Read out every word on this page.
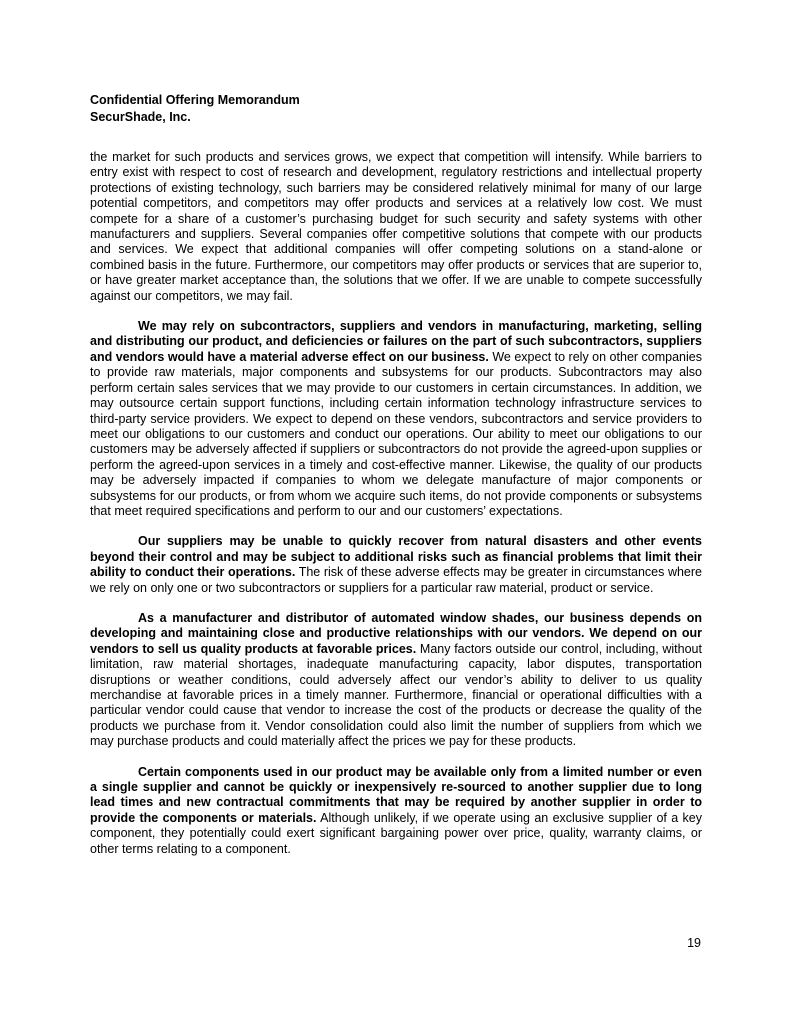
Confidential Offering Memorandum
SecurShade, Inc.

the market for such products and services grows, we expect that competition will intensify. While barriers to entry exist with respect to cost of research and development, regulatory restrictions and intellectual property protections of existing technology, such barriers may be considered relatively minimal for many of our large potential competitors, and competitors may offer products and services at a relatively low cost. We must compete for a share of a customer’s purchasing budget for such security and safety systems with other manufacturers and suppliers. Several companies offer competitive solutions that compete with our products and services. We expect that additional companies will offer competing solutions on a stand-alone or combined basis in the future. Furthermore, our competitors may offer products or services that are superior to, or have greater market acceptance than, the solutions that we offer. If we are unable to compete successfully against our competitors, we may fail.

We may rely on subcontractors, suppliers and vendors in manufacturing, marketing, selling and distributing our product, and deficiencies or failures on the part of such subcontractors, suppliers and vendors would have a material adverse effect on our business. We expect to rely on other companies to provide raw materials, major components and subsystems for our products. Subcontractors may also perform certain sales services that we may provide to our customers in certain circumstances. In addition, we may outsource certain support functions, including certain information technology infrastructure services to third-party service providers. We expect to depend on these vendors, subcontractors and service providers to meet our obligations to our customers and conduct our operations. Our ability to meet our obligations to our customers may be adversely affected if suppliers or subcontractors do not provide the agreed-upon supplies or perform the agreed-upon services in a timely and cost-effective manner. Likewise, the quality of our products may be adversely impacted if companies to whom we delegate manufacture of major components or subsystems for our products, or from whom we acquire such items, do not provide components or subsystems that meet required specifications and perform to our and our customers’ expectations.

Our suppliers may be unable to quickly recover from natural disasters and other events beyond their control and may be subject to additional risks such as financial problems that limit their ability to conduct their operations. The risk of these adverse effects may be greater in circumstances where we rely on only one or two subcontractors or suppliers for a particular raw material, product or service.

As a manufacturer and distributor of automated window shades, our business depends on developing and maintaining close and productive relationships with our vendors. We depend on our vendors to sell us quality products at favorable prices. Many factors outside our control, including, without limitation, raw material shortages, inadequate manufacturing capacity, labor disputes, transportation disruptions or weather conditions, could adversely affect our vendor’s ability to deliver to us quality merchandise at favorable prices in a timely manner. Furthermore, financial or operational difficulties with a particular vendor could cause that vendor to increase the cost of the products or decrease the quality of the products we purchase from it. Vendor consolidation could also limit the number of suppliers from which we may purchase products and could materially affect the prices we pay for these products.

Certain components used in our product may be available only from a limited number or even a single supplier and cannot be quickly or inexpensively re-sourced to another supplier due to long lead times and new contractual commitments that may be required by another supplier in order to provide the components or materials. Although unlikely, if we operate using an exclusive supplier of a key component, they potentially could exert significant bargaining power over price, quality, warranty claims, or other terms relating to a component.

19
